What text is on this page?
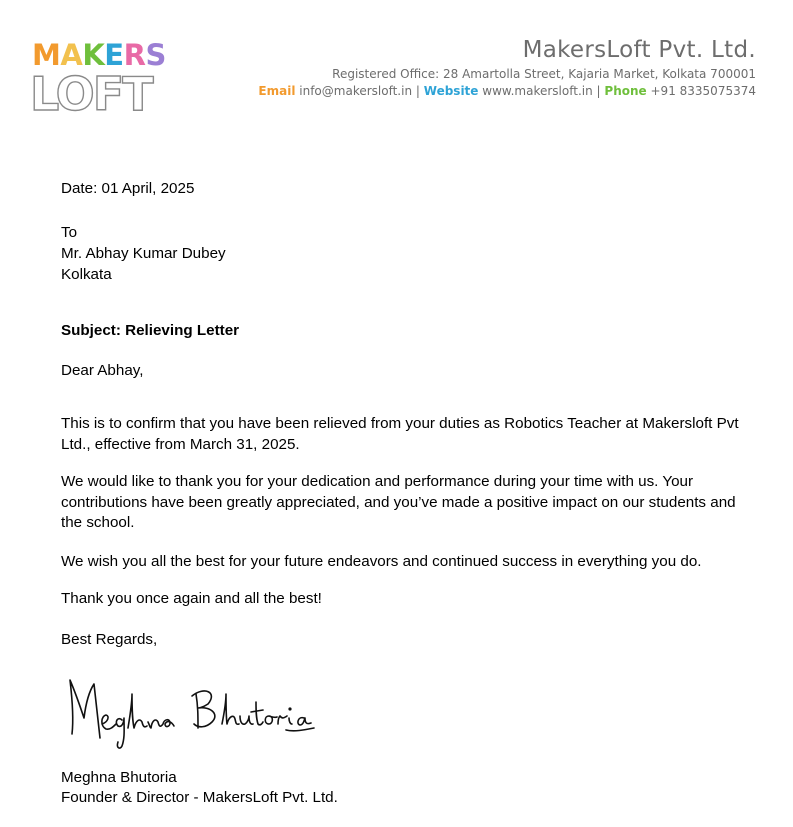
MAKERS
LOFT
MakersLoft Pvt. Ltd.
Registered Office: 28 Amartolla Street, Kajaria Market, Kolkata 700001
Email info@makersloft.in | Website www.makersloft.in | Phone +91 8335075374
Date: 01 April, 2025
To
Mr. Abhay Kumar Dubey
Kolkata
Subject: Relieving Letter
Dear Abhay,

This is to confirm that you have been relieved from your duties as Robotics Teacher at Makersloft Pvt Ltd., effective from March 31, 2025.

We would like to thank you for your dedication and performance during your time with us. Your contributions have been greatly appreciated, and you’ve made a positive impact on our students and the school.

We wish you all the best for your future endeavors and continued success in everything you do.

Thank you once again and all the best!

Best Regards,
Meghna Bhutoria
Founder & Director - MakersLoft Pvt. Ltd.
